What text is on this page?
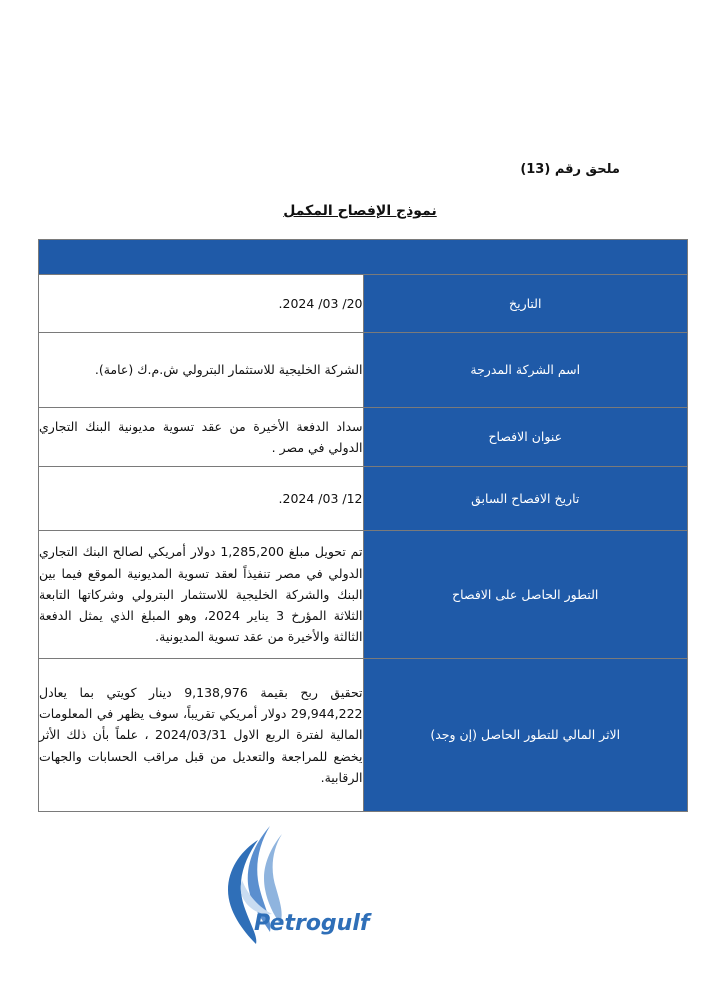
ملحق رقم (13)
نموذج الإفصاح المكمل

التاريخ	20/ 03/ 2024.
اسم الشركة المدرجة	الشركة الخليجية للاستثمار البترولي ش.م.ك (عامة).
عنوان الافصاح	سداد الدفعة الأخيرة من عقد تسوية مديونية البنك التجاري الدولي في مصر .
تاريخ الافصاح السابق	12/ 03/ 2024.
التطور الحاصل على الافصاح	تم تحويل مبلغ 1,285,200 دولار أمريكي لصالح البنك التجاري الدولي في مصر تنفيذاً لعقد تسوية المديونية الموقع فيما بين البنك والشركة الخليجية للاستثمار البترولي وشركاتها التابعة الثلاثة المؤرخ 3 يناير 2024، وهو المبلغ الذي يمثل الدفعة الثالثة والأخيرة من عقد تسوية المديونية.
الاثر المالي للتطور الحاصل (إن وجد)	تحقيق ربح بقيمة 9,138,976 دينار كويتي بما يعادل 29,944,222 دولار أمريكي تقريباً، سوف يظهر في المعلومات المالية لفترة الربع الاول 2024/03/31 ، علماً بأن ذلك الأثر يخضع للمراجعة والتعديل من قبل مراقب الحسابات والجهات الرقابية.
Petrogulf
